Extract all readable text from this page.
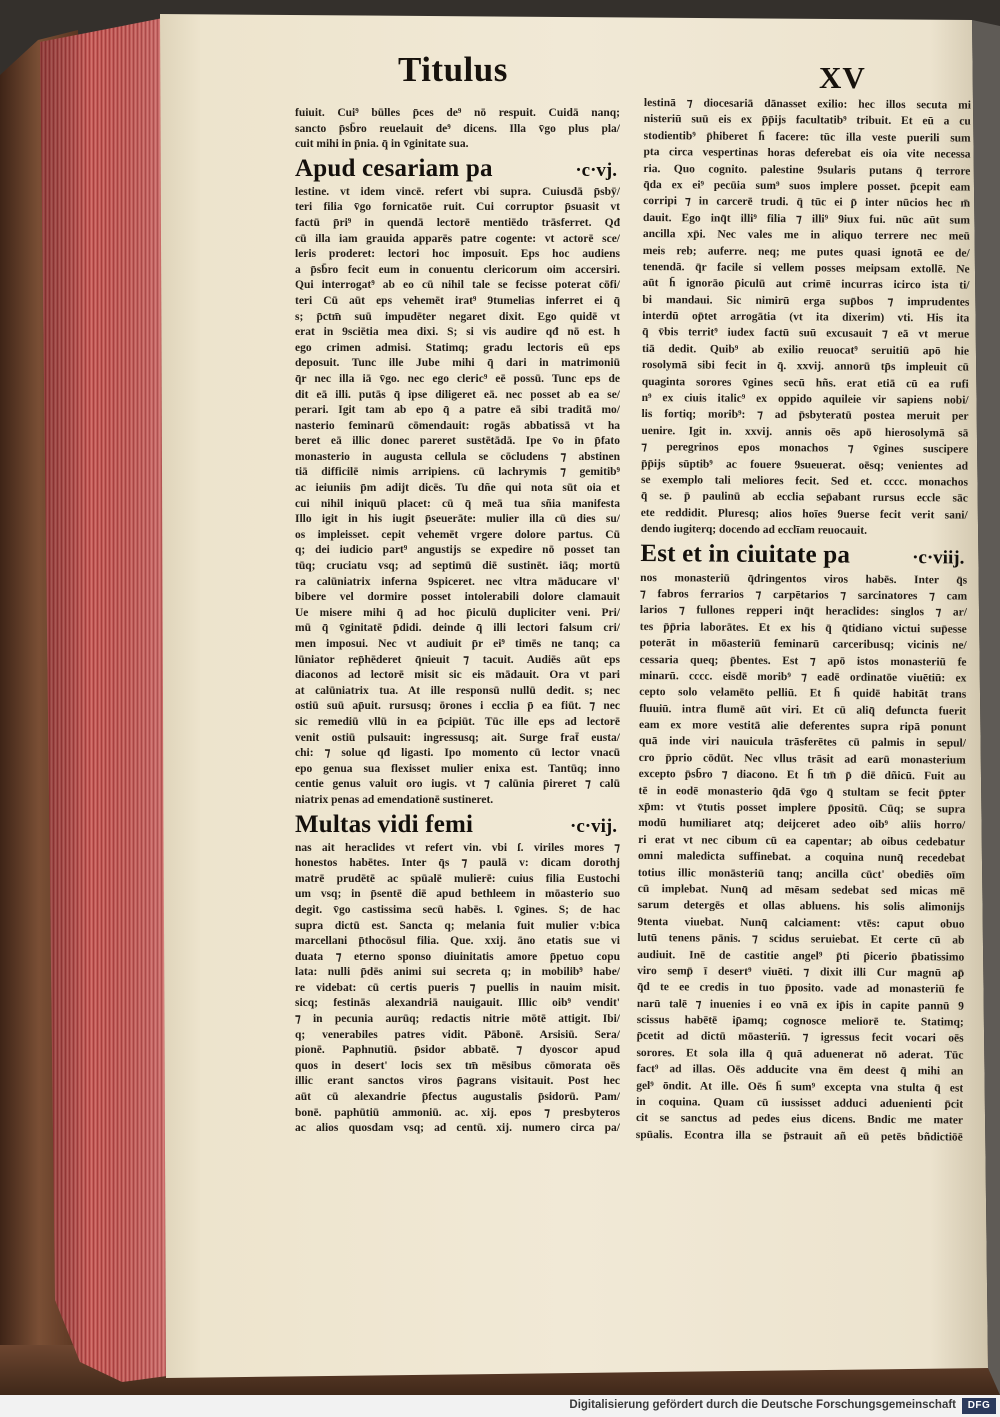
Titulus	XV
fuiuit. Cui⁹ būlles p̄ces de⁹ nō respuit. Cuidā nanq;
sancto p̄sb̄ro reuelauit de⁹ dicens. Illa v̄go plus pla/
cuit mihi in p̄nia. q̄ in v̄ginitate sua.
Apud cesariam pa	·c·vj.
lestine. vt idem vincē. refert vbi supra. Cuiusdā p̄sbȳ/
teri filia v̄go fornicatōe ruit. Cui corruptor p̄suasit vt
factū p̄ri⁹ in quendā lectorē mentiēdo trāsferret. Qđ
cū illa iam grauida apparēs patre cogente: vt actorē sce/
leris proderet: lectori hoc imposuit. Eps hoc audiens
a p̄sb̄ro fecit eum in conuentu clericorum oim accersiri.
Qui interrogat⁹ ab eo cū nihil tale se fecisse poterat cōfi/
teri Cū aūt eps vehemēt irat⁹ 9tumelias inferret ei q̄
s; p̄ctm̄ suū impudēter negaret dixit. Ego quidē vt
erat in 9sciētia mea dixi. S; si vis audire qđ nō est. h
ego crimen admisi. Statimq; gradu lectoris eū eps
deposuit. Tunc ille Jube mihi q̄ dari in matrimoniū
q̄r nec illa iā v̄go. nec ego cleric⁹ eē possū. Tunc eps de
dit eā illi. putās q̄ ipse diligeret eā. nec posset ab ea se/
perari. Igit tam ab epo q̄ a patre eā sibi traditā mo/
nasterio feminarū cōmendauit: rogās abbatissā vt ha
beret eā illic donec pareret sustētādā. Ipe v̄o in p̄fato
monasterio in augusta cellula se cōcludens ⁊ abstinen
tiā difficilē nimis arripiens. cū lachrymis ⁊ gemitib⁹
ac ieiuniis p̄m adijt dicēs. Tu dñe qui nota sūt oia et
cui nihil iniquū placet: cū q̄ meā tua sñia manifesta
Illo igit in his iugit p̄seuerāte: mulier illa cū dies su/
os impleisset. cepit vehemēt vrgere dolore partus. Cū
q; dei iudicio part⁹ angustijs se expedire nō posset tan
tūq; cruciatu vsq; ad septimū diē sustinēt. iāq; mortū
ra calūniatrix inferna 9spiceret. nec vltra māducare vl'
bibere vel dormire posset intolerabili dolore clamauit
Ue misere mihi q̄ ad hoc p̄iculū dupliciter veni. Pri/
mū q̄ v̄ginitatē p̄didi. deinde q̄ illi lectori falsum cri/
men imposui. Nec vt audiuit p̄r ei⁹ timēs ne tanq; ca
lūniator rep̄hēderet q̄nieuit ⁊ tacuit. Audiēs aūt eps
diaconos ad lectorē misit sic eis mādauit. Ora vt pari
at calūniatrix tua. At ille responsū nullū dedit. s; nec
ostiū suū ap̄uit. rursusq; ōrones i ecclia p̄ ea fiūt. ⁊ nec
sic remediū vllū in ea p̄cipiūt. Tūc ille eps ad lectorē
venit ostiū pulsauit: ingressusq; ait. Surge frat̄ eusta/
chi: ⁊ solue qđ ligasti. Ipo momento cū lector vnacū
epo genua sua flexisset mulier enixa est. Tantūq; inno
centie genus valuit oro iugis. vt ⁊ calūnia p̄ireret ⁊ calū
niatrix penas ad emendationē sustineret.
Multas vidi femi	·c·vij.
nas ait heraclides vt refert vin. vbi ſ. viriles mores ⁊
honestos habētes. Inter q̄s ⁊ paulā v: dicam dorothj
matrē prudētē ac spūalē mulierē: cuius filia Eustochi
um vsq; in p̄sentē diē apud bethleem in mōasterio suo
degit. v̄go castissima secū habēs. l. v̄gines. S; de hac
supra dictū est. Sancta q; melania fuit mulier v:bica
marcellani p̄thocōsul filia. Que. xxij. āno etatis sue vi
duata ⁊ eterno sponso diuinitatis amore p̄petuo copu
lata: nulli p̄dēs animi sui secreta q; in mobilib⁹ habe/
re videbat: cū certis pueris ⁊ puellis in nauim misit.
sicq; festinās alexandriā nauigauit. Illic oib⁹ vendit'
⁊ in pecunia aurūq; redactis nitrie mōtē attigit. Ibi/
q; venerabiles patres vidit. Pābonē. Arsisiū. Sera/
pionē. Paphnutiū. p̄sidor abbatē. ⁊ dyoscor apud
quos in desert' locis sex tm̄ mēsibus cōmorata oēs
illic erant sanctos viros p̄agrans visitauit. Post hec
aūt cū alexandrie p̄fectus augustalis p̄sidorū. Pam/
bonē. paphūtiū ammoniū. ac. xij. epos ⁊ presbyteros
ac alios quosdam vsq; ad centū. xij. numero circa pa/
lestinā ⁊ diocesariā dānasset exilio: hec illos secuta mi
nisteriū suū eis ex p̄p̄ijs facultatib⁹ tribuit. Et eū a cu
stodientib⁹ p̄hiberet h̄ facere: tūc illa veste puerili sum
pta circa vespertinas horas deferebat eis oia vite necessa
ria. Quo cognito. palestine 9sularis putans q̄ terrore
q̄da ex ei⁹ pecūia sum⁹ suos implere posset. p̄cepit eam
corripi ⁊ in carcerē trudi. q̄ tūc ei p̄ inter nūcios hec m̄
dauit. Ego inq̄t illi⁹ filia ⁊ illi⁹ 9iux fui. nūc aūt sum
ancilla xp̄i. Nec vales me in aliquo terrere nec meū
meis reb; auferre. neq; me putes quasi ignotā ee de/
tenendā. q̄r facile si vellem posses meipsam extollē. Ne
aūt h̄ ignorāo p̄iculū aut crimē incurras icirco ista ti/
bi mandaui. Sic nimirū erga sup̄bos ⁊ imprudentes
interdū op̄tet arrogātia (vt ita dixerim) vti. His ita
q̄ v̄bis territ⁹ iudex factū suū excusauit ⁊ eā vt merue
tiā dedit. Quib⁹ ab exilio reuocat⁹ seruitiū apō hie
rosolymā sibi fecit in q̄. xxvij. annorū tp̄s impleuit cū
quaginta sorores v̄gines secū hñs. erat etiā cū ea rufi
n⁹ ex ciuis italic⁹ ex oppido aquileie vir sapiens nobi/
lis fortiq; morib⁹: ⁊ ad p̄sbyteratū postea meruit per
uenire. Igit in. xxvij. annis oēs apō hierosolymā sā
⁊ peregrinos epos monachos ⁊ v̄gines suscipere
p̄p̄ijs sūptib⁹ ac fouere 9sueuerat. oēsq; venientes ad
se exemplo tali meliores fecit. Sed et. cccc. monachos
q̄ se. p̄ paulinū ab ecclia sep̄abant rursus eccle sāc
ete reddidit. Pluresq; alios hoīes 9uerse fecit verit sani/
dendo iugiterq; docendo ad ecclīam reuocauit.
Est et in ciuitate pa	·c·viij.
nos monasteriū q̄dringentos viros habēs. Inter q̄s
⁊ fabros ferrarios ⁊ carpētarios ⁊ sarcinatores ⁊ cam
larios ⁊ fullones repperi inq̄t heraclides: singlos ⁊ ar/
tes p̄p̄ria laborātes. Et ex his q̄ q̄tidiano victui sup̄esse
poterāt in mōasteriū feminarū carceribusq; vicinis ne/
cessaria queq; p̄bentes. Est ⁊ apō istos monasteriū fe
minarū. cccc. eisdē morib⁹ ⁊ eadē ordinatōe viuētiū: ex
cepto solo velamēto pelliū. Et h̄ quidē habitāt trans
fluuiū. intra flumē aūt viri. Et cū aliq̄ defuncta fuerit
eam ex more vestitā alie deferentes supra ripā ponunt
quā inde viri nauicula trāsferētes cū palmis in sepul/
cro p̄prio cōdūt. Nec vllus trāsit ad earū monasterium
excepto p̄sb̄ro ⁊ diacono. Et h̄ tm̄ p̄ diē dñicū. Fuit au
tē in eodē monasterio q̄dā v̄go q̄ stultam se fecit p̄pter
xp̄m: vt v̄tutis posset implere p̄positū. Cūq; se supra
modū humiliaret atq; deijceret adeo oib⁹ aliis horro/
ri erat vt nec cibum cū ea capentar; ab oibus cedebatur
omni maledicta suffinebat. a coquina nunq̄ recedebat
totius illic monāsteriū tanq; ancilla cūct' obediēs oīm
cū implebat. Nunq̄ ad mēsam sedebat sed micas mē
sarum detergēs et ollas abluens. his solis alimonijs
9tenta viuebat. Nunq̄ calciament: vtēs: caput obuo
lutū tenens pānis. ⁊ scidus seruiebat. Et certe cū ab
audiuit. Inē de castitie angel⁹ p̄ti p̄icerio p̄batissimo
viro semp̄ ī desert⁹ viuēti. ⁊ dixit illi Cur magnū ap̄
q̄d te ee credis in tuo p̄posito. vade ad monasteriū fe
narū talē ⁊ inuenies i eo vnā ex ip̄is in capite pannū 9
scissus habētē ip̄amq; cognosce meliorē te. Statimq;
p̄cetit ad dictū mōasteriū. ⁊ igressus fecit vocari oēs
sorores. Et sola illa q̄ quā aduenerat nō aderat. Tūc
fact⁹ ad illas. Oēs adducite vna ēm deest q̄ mihi an
gel⁹ ōndit. At ille. Oēs h̄ sum⁹ excepta vna stulta q̄ est
in coquina. Quam cū iussisset adduci aduenienti p̄cit
cit se sanctus ad pedes eius dicens. Bndic me mater
spūalis. Econtra illa se p̄strauit añ eū petēs bñdictiōē
Digitalisierung gefördert durch die Deutsche Forschungsgemeinschaft	DFG
